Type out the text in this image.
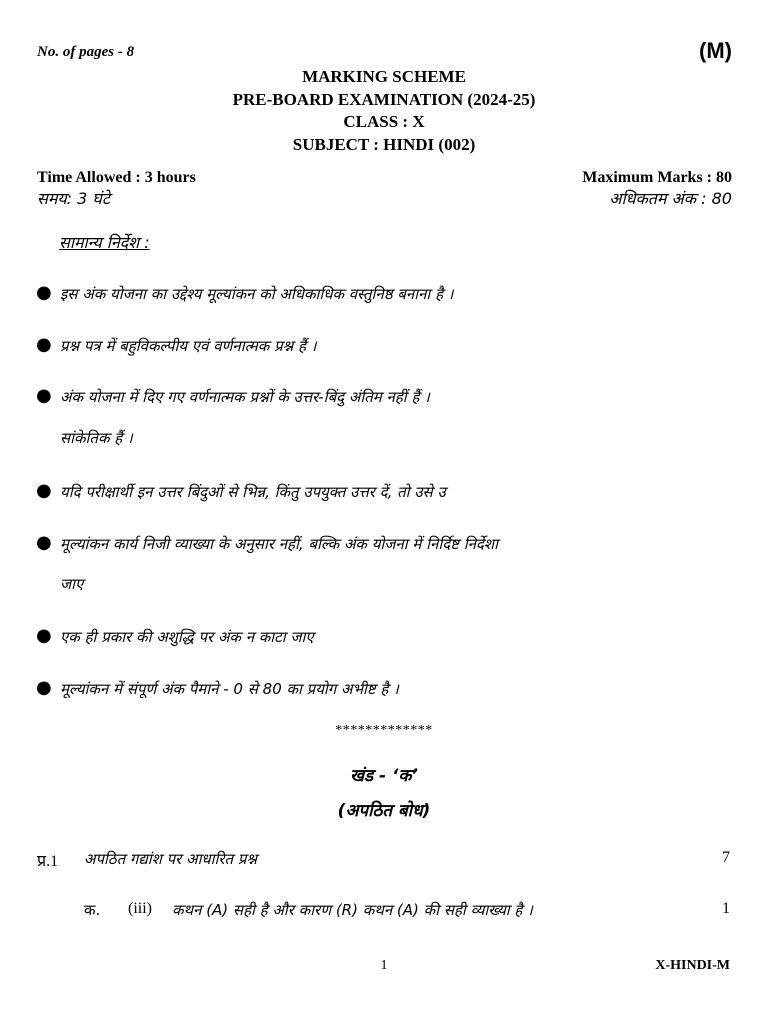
No. of pages - 8	(M)
MARKING SCHEME
PRE-BOARD EXAMINATION (2024-25)
CLASS : X
SUBJECT : HINDI (002)
Time Allowed : 3 hours
समय: 3 घंटे
Maximum Marks : 80
अधिकतम अंक : 80
सामान्य निर्देश :
● इस अंक योजना का उद्देश्य मूल्यांकन को अधिकाधिक वस्तुनिष्ठ बनाना है ।
● प्रश्न पत्र में बहुविकल्पीय एवं वर्णनात्मक प्रश्न हैं ।
● अंक योजना में दिए गए वर्णनात्मक प्रश्नों के उत्तर-बिंदु अंतिम नहीं हैं ।
सांकेतिक हैं ।
● यदि परीक्षार्थी इन उत्तर बिंदुओं से भिन्न, किंतु उपयुक्त उत्तर दें, तो उसे उ
● मूल्यांकन कार्य निजी व्याख्या के अनुसार नहीं, बल्कि अंक योजना में निर्दिष्ट निर्देशा
जाए
● एक ही प्रकार की अशुद्धि पर अंक न काटा जाए
● मूल्यांकन में संपूर्ण अंक पैमाने - 0 से 80 का प्रयोग अभीष्ट है ।
*************
खंड - ‘क’
(अपठित बोध)
प्र.1 अपठित गद्यांश पर आधारित प्रश्न	7
क. (iii) कथन (A) सही है और कारण (R) कथन (A) की सही व्याख्या है ।	1
1	X-HINDI-M
